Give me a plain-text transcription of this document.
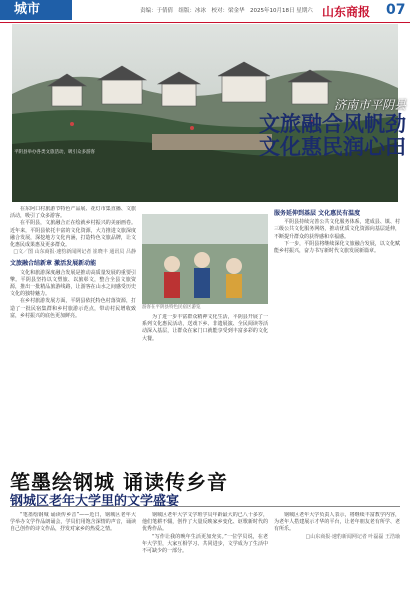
城市	责编：于倩倩　组版：冰冰　校对：梁金华　2025年10月18日 星期六 山东商报 07
济南市平阴县
文旅融合风帆劲
文化惠民润心田
平阴县举办各类文旅活动，吸引众多游客

在东阿口村旅游节特色产品展、花灯市集直播、文旅活动，吸引了众多游客。

在平阴县，文旅融合正在绘就乡村振兴的美丽画卷。近年来，平阴县依托丰富的文化资源，大力推进文旅深度融合发展，深挖地方文化内涵，打造特色文旅品牌，让文化惠民成果惠及更多群众。

□文／图 山东商报·速豹新闻网记者 崔晓丰 通讯员 吕静
文旅融合结新章 激活发展新动能

文化和旅游深度融合发展是推动高质量发展的重要引擎。平阴县坚持以文塑旅、以旅彰文，整合全县文旅资源，推出一批精品旅游线路，让游客在山水之间感受历史文化的独特魅力。

在乡村旅游发展方面，平阴县依托特色村落资源，打造了一批民宿集群和乡村旅游示范点，带动村民增收致富，乡村振兴的底色更加鲜亮。

游客在平阴县特色民宿区游览

为了进一步丰富群众精神文化生活，平阴县开展了一系列文化惠民活动，送戏下乡、非遗展演、全民阅读等活动深入基层，让群众在家门口就能享受到丰富多彩的文化大餐。

服务延伸到基层 文化惠民有温度

平阴县持续完善公共文化服务体系，建成县、镇、村三级公共文化服务网络，推动优质文化资源向基层延伸，不断提升群众的获得感和幸福感。

下一步，平阴县将继续深化文旅融合发展，以文化赋能乡村振兴，奋力书写新时代文旅发展新篇章。

笔墨绘钢城 诵读传乡音
钢城区老年大学里的文学盛宴

“笔墨绘钢城 诵读传乡音”——近日，钢城区老年大学举办文学作品朗诵会，学员们用饱含深情的声音，诵读自己创作的诗文作品，抒发对家乡的热爱之情。

钢城区老年大学文学班学员年龄最大的已八十多岁，他们笔耕不辍，创作了大量反映家乡变化、讴歌新时代的优秀作品。

“写作让我的晚年生活更加充实。”一位学员说，在老年大学里，大家互相学习、共同进步，文学成为了生活中不可缺少的一部分。

钢城区老年大学负责人表示，将继续丰富教学内容，为老年人搭建展示才华的平台，让老年朋友老有所学、老有所乐。

□山东商报·速豹新闻网记者 叶磊磊 王浩瑜
